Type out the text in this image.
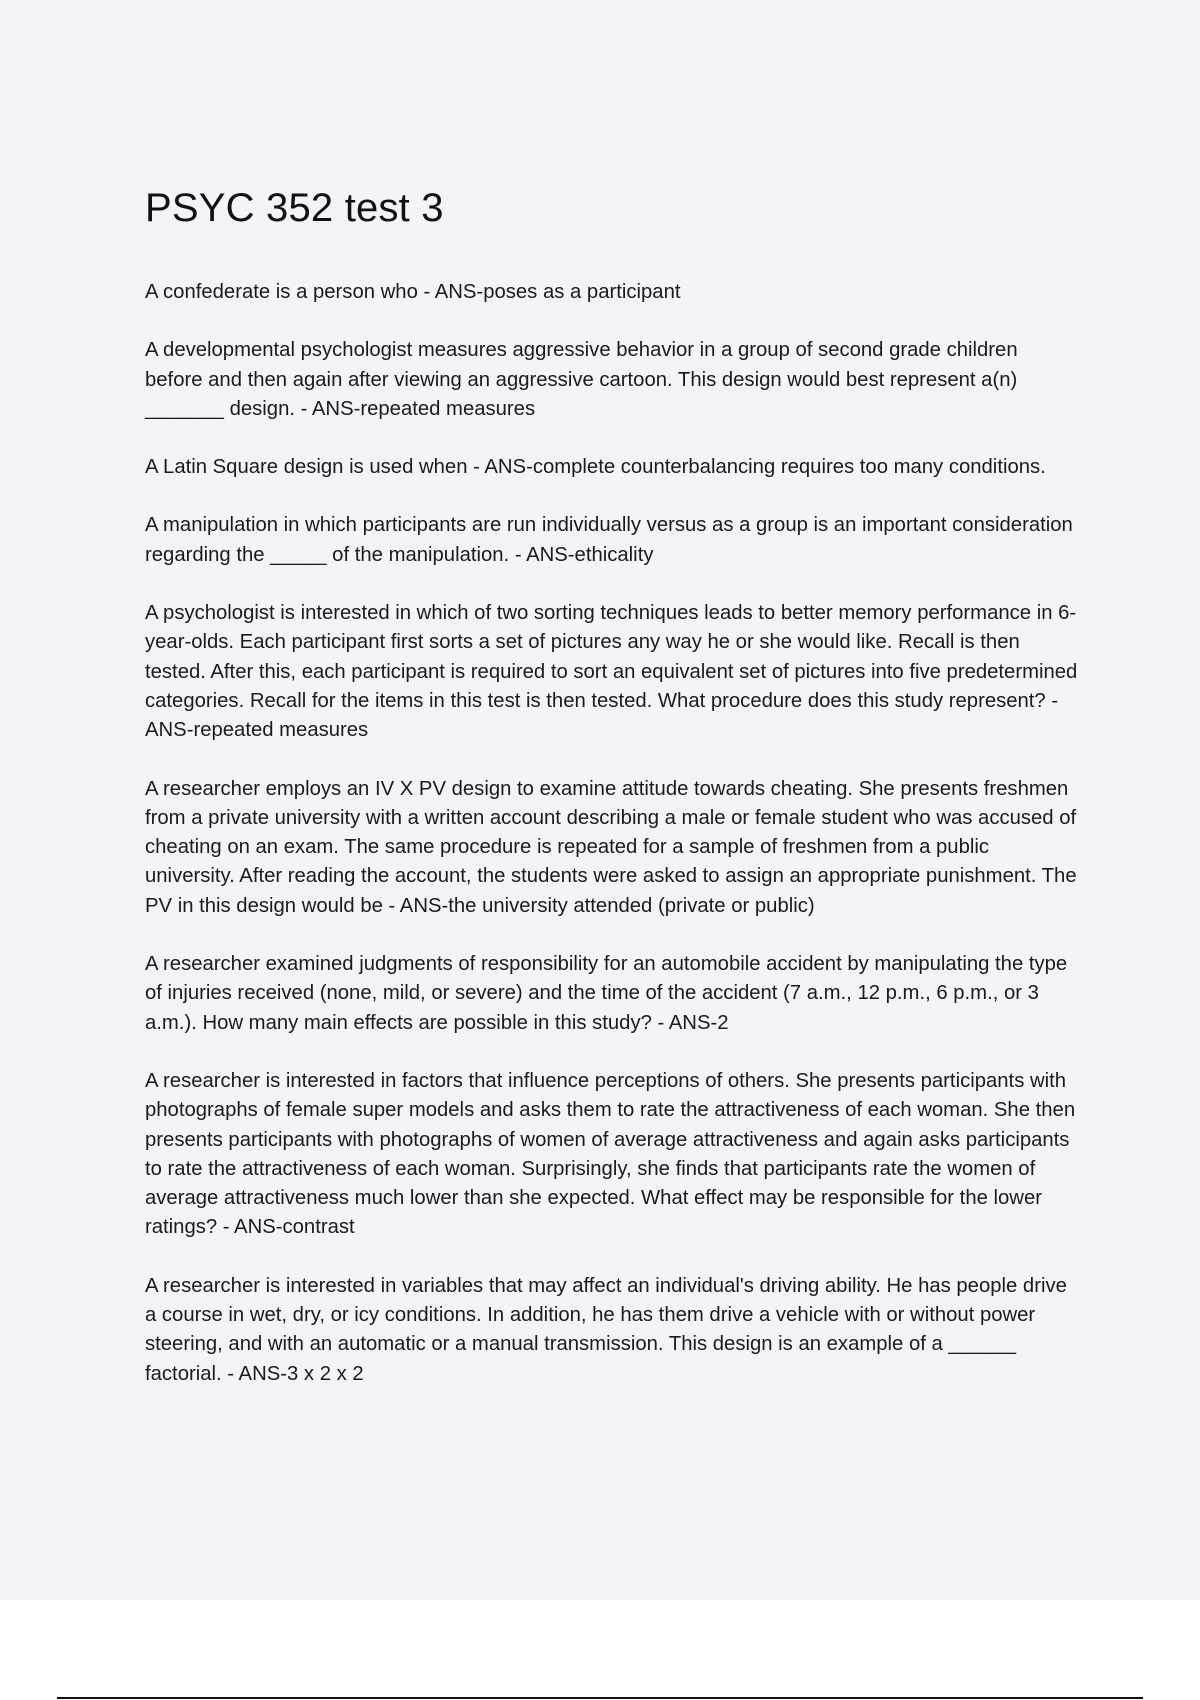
PSYC 352 test 3
A confederate is a person who - ANS-poses as a participant
A developmental psychologist measures aggressive behavior in a group of second grade children before and then again after viewing an aggressive cartoon. This design would best represent a(n) _______ design. - ANS-repeated measures
A Latin Square design is used when - ANS-complete counterbalancing requires too many conditions.
A manipulation in which participants are run individually versus as a group is an important consideration regarding the _____ of the manipulation. - ANS-ethicality
A psychologist is interested in which of two sorting techniques leads to better memory performance in 6-year-olds. Each participant first sorts a set of pictures any way he or she would like. Recall is then tested. After this, each participant is required to sort an equivalent set of pictures into five predetermined categories. Recall for the items in this test is then tested. What procedure does this study represent? - ANS-repeated measures
A researcher employs an IV X PV design to examine attitude towards cheating. She presents freshmen from a private university with a written account describing a male or female student who was accused of cheating on an exam. The same procedure is repeated for a sample of freshmen from a public university. After reading the account, the students were asked to assign an appropriate punishment. The PV in this design would be - ANS-the university attended (private or public)
A researcher examined judgments of responsibility for an automobile accident by manipulating the type of injuries received (none, mild, or severe) and the time of the accident (7 a.m., 12 p.m., 6 p.m., or 3 a.m.). How many main effects are possible in this study? - ANS-2
A researcher is interested in factors that influence perceptions of others. She presents participants with photographs of female super models and asks them to rate the attractiveness of each woman. She then presents participants with photographs of women of average attractiveness and again asks participants to rate the attractiveness of each woman. Surprisingly, she finds that participants rate the women of average attractiveness much lower than she expected. What effect may be responsible for the lower ratings? - ANS-contrast
A researcher is interested in variables that may affect an individual's driving ability. He has people drive a course in wet, dry, or icy conditions. In addition, he has them drive a vehicle with or without power steering, and with an automatic or a manual transmission. This design is an example of a ______ factorial. - ANS-3 x 2 x 2
